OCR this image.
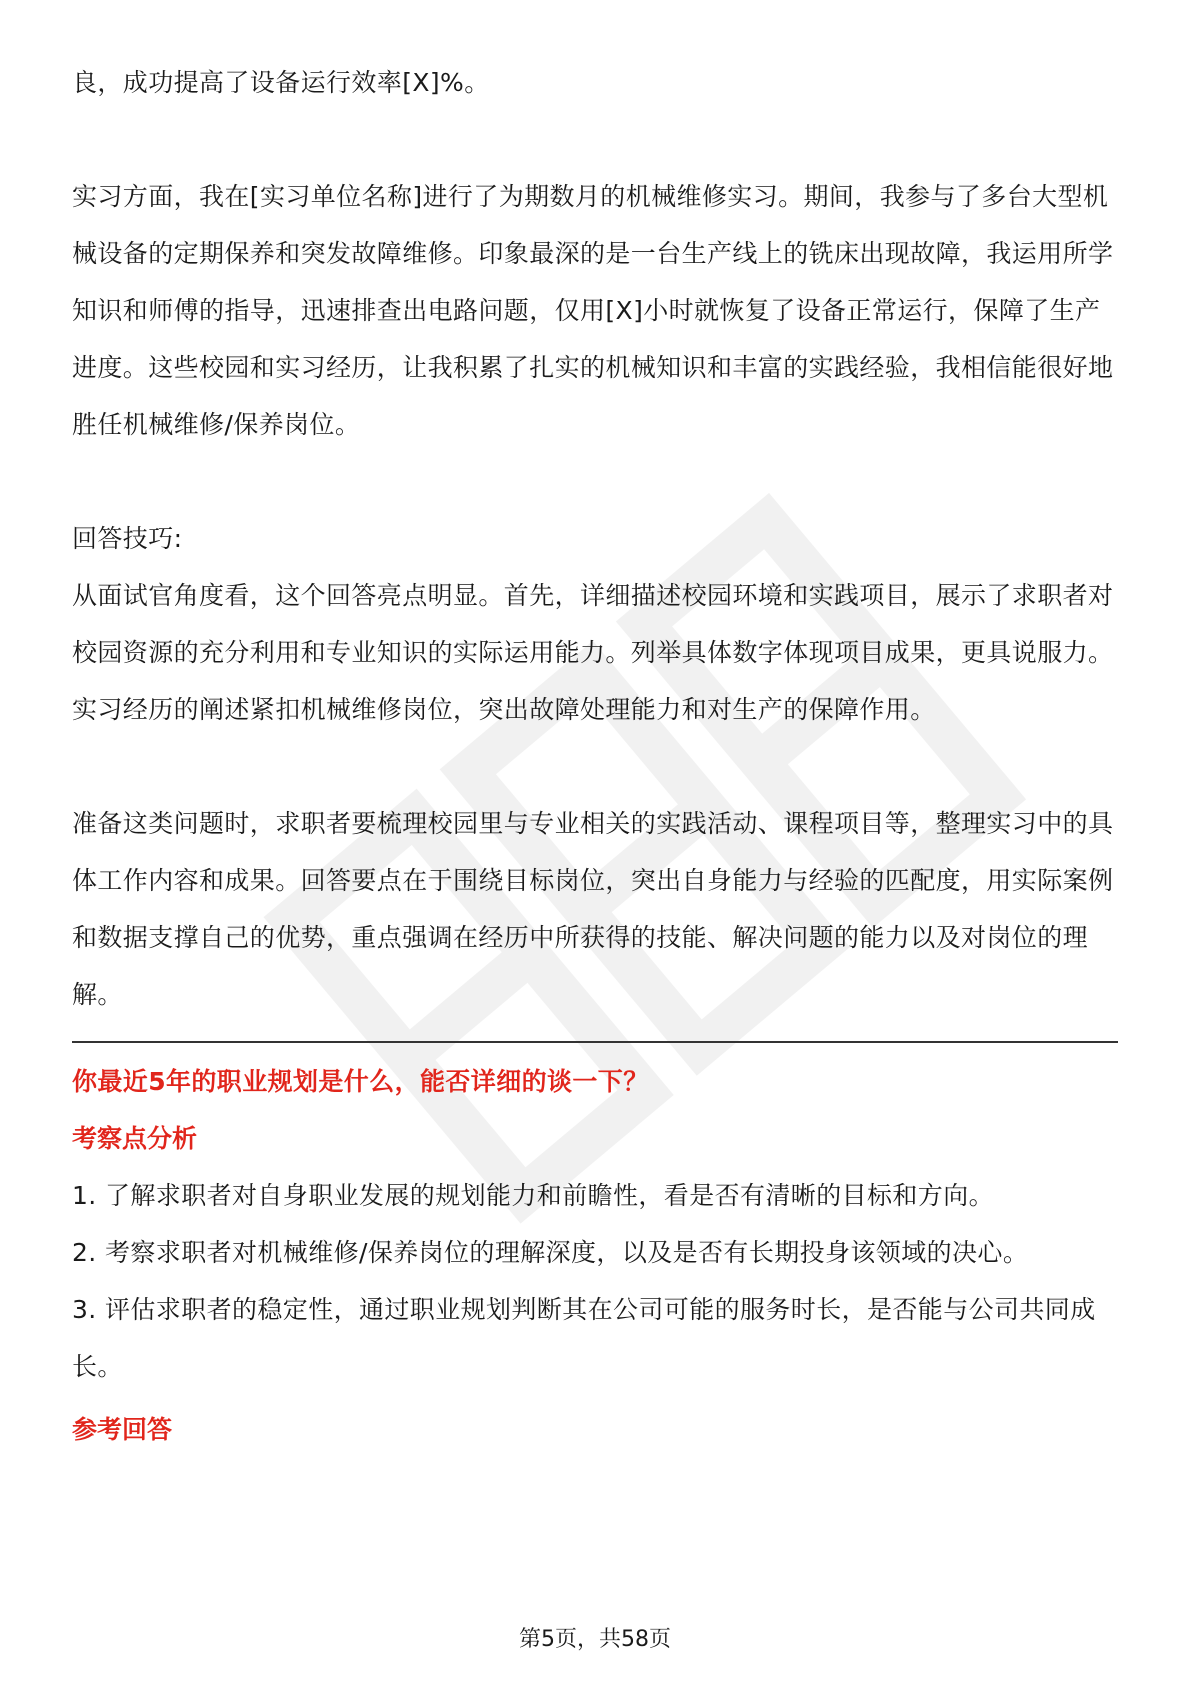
良，成功提高了设备运行效率[X]%。

实习方面，我在[实习单位名称]进行了为期数月的机械维修实习。期间，我参与了多台大型机械设备的定期保养和突发故障维修。印象最深的是一台生产线上的铣床出现故障，我运用所学知识和师傅的指导，迅速排查出电路问题，仅用[X]小时就恢复了设备正常运行，保障了生产进度。这些校园和实习经历，让我积累了扎实的机械知识和丰富的实践经验，我相信能很好地胜任机械维修/保养岗位。

回答技巧:

从面试官角度看，这个回答亮点明显。首先，详细描述校园环境和实践项目，展示了求职者对校园资源的充分利用和专业知识的实际运用能力。列举具体数字体现项目成果，更具说服力。实习经历的阐述紧扣机械维修岗位，突出故障处理能力和对生产的保障作用。

准备这类问题时，求职者要梳理校园里与专业相关的实践活动、课程项目等，整理实习中的具体工作内容和成果。回答要点在于围绕目标岗位，突出自身能力与经验的匹配度，用实际案例和数据支撑自己的优势，重点强调在经历中所获得的技能、解决问题的能力以及对岗位的理解。

你最近5年的职业规划是什么，能否详细的谈一下？

考察点分析

1. 了解求职者对自身职业发展的规划能力和前瞻性，看是否有清晰的目标和方向。

2. 考察求职者对机械维修/保养岗位的理解深度，以及是否有长期投身该领域的决心。

3. 评估求职者的稳定性，通过职业规划判断其在公司可能的服务时长，是否能与公司共同成长。

参考回答

第5页，共58页
